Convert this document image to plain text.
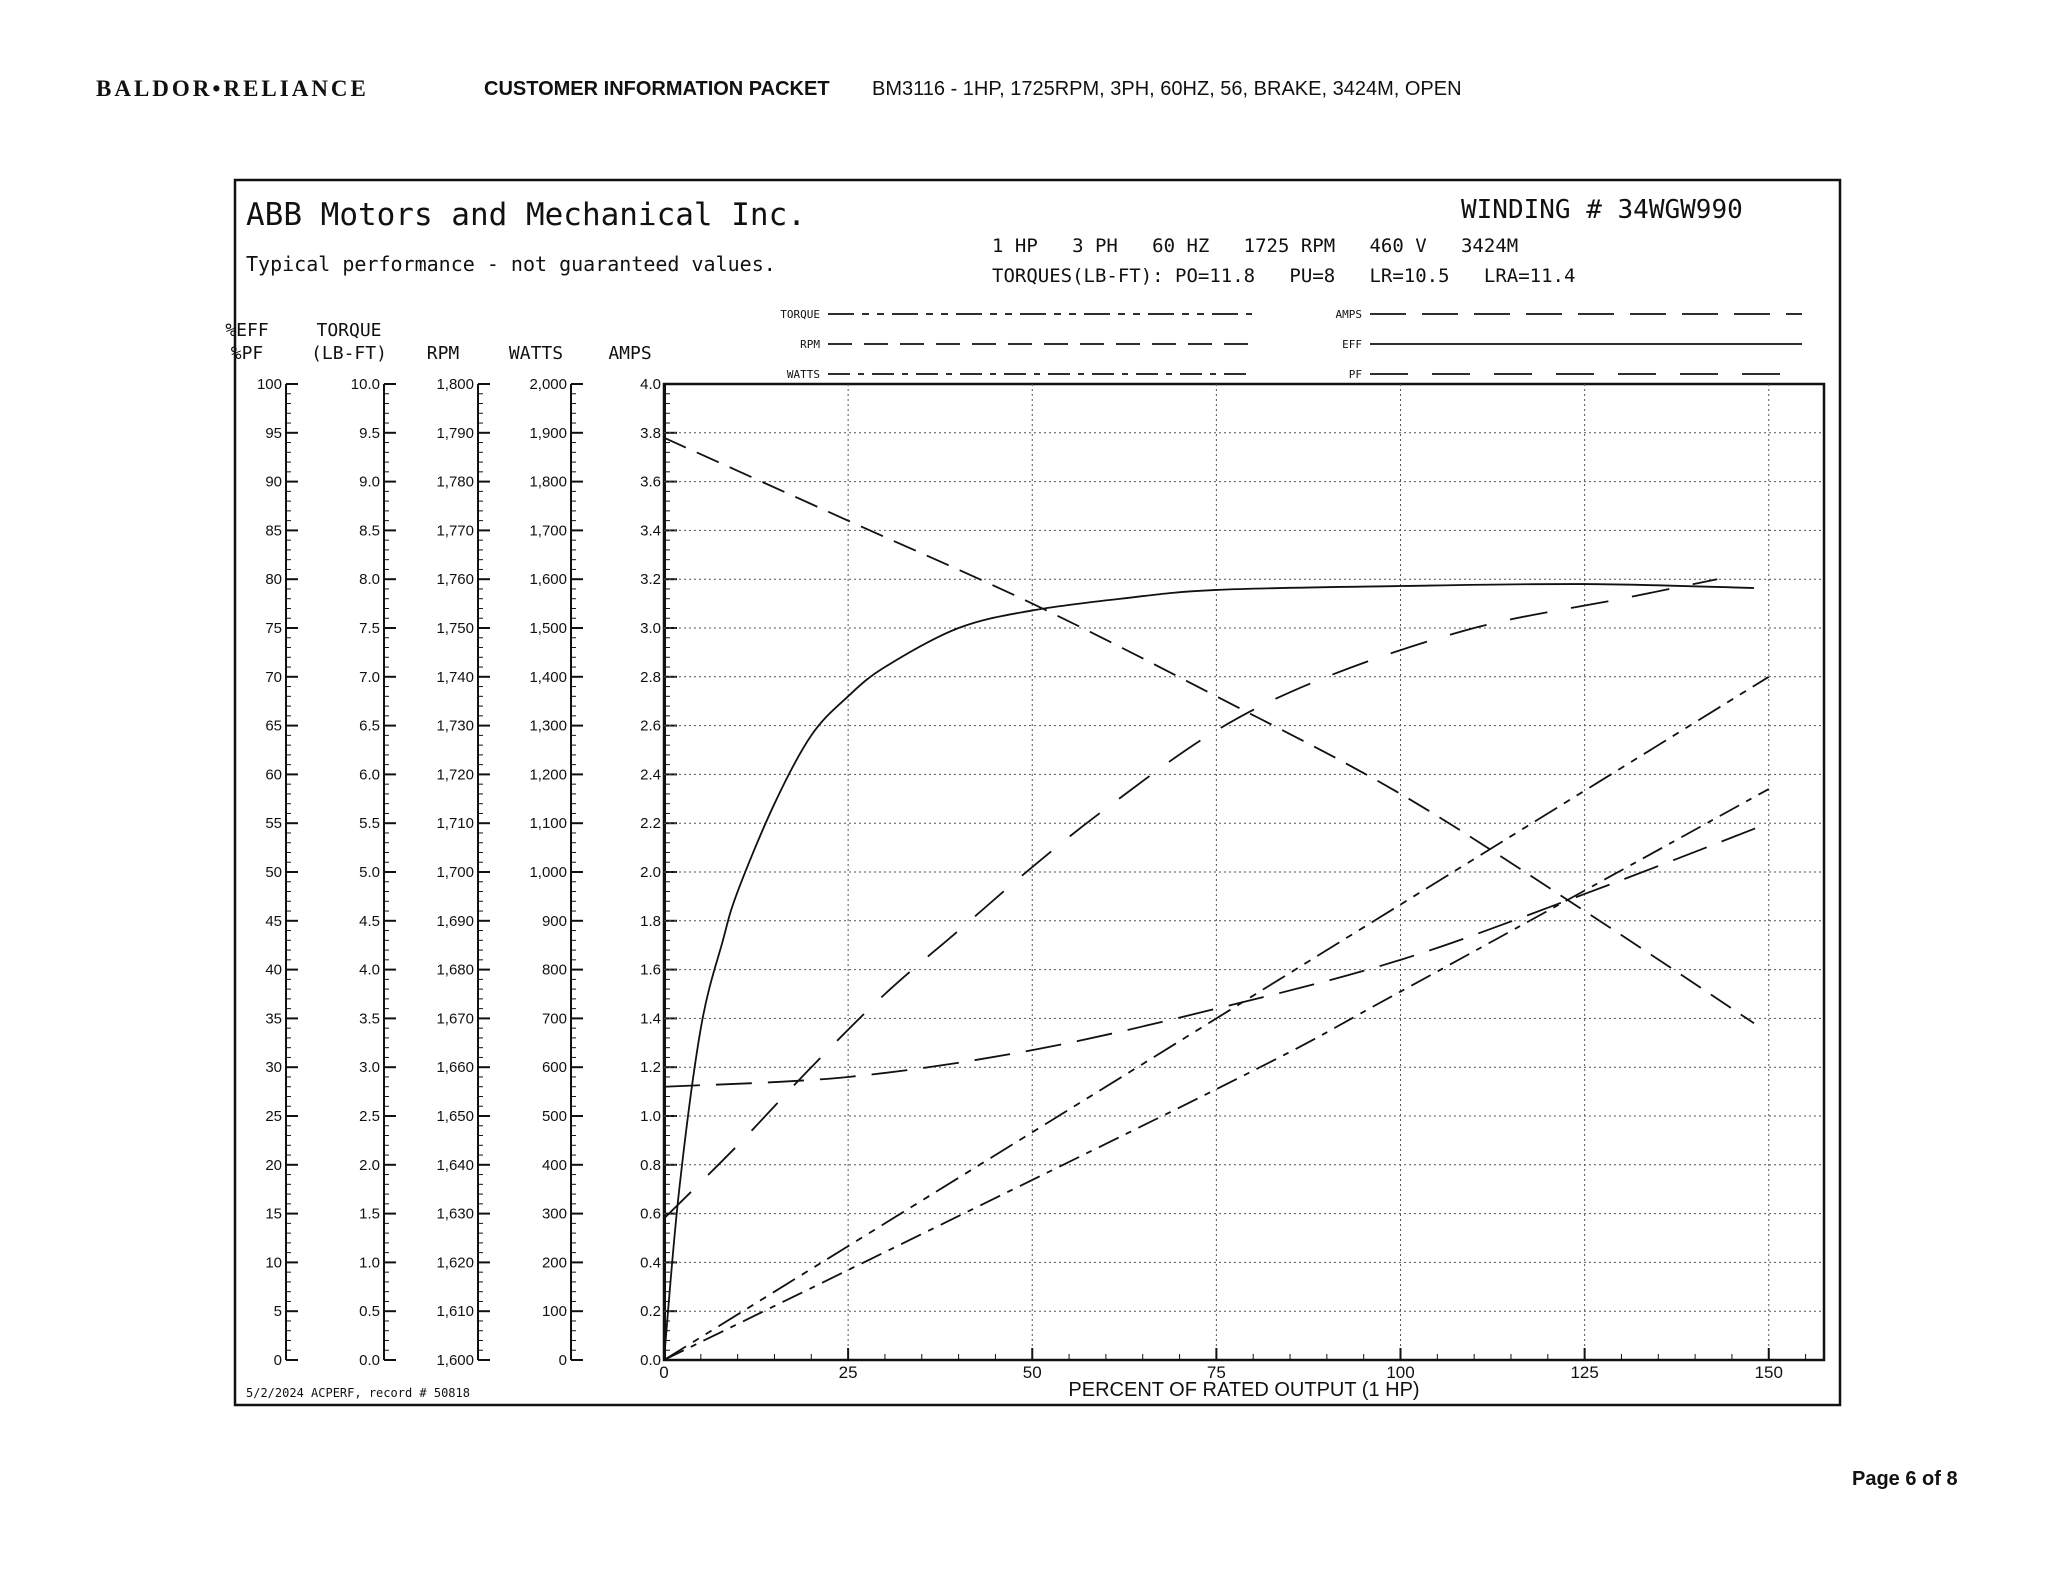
BALDOR • RELIANCE	CUSTOMER INFORMATION PACKET BM3116 - 1HP, 1725RPM, 3PH, 60HZ, 56, BRAKE, 3424M, OPEN
ABB Motors and Mechanical Inc.
Typical performance - not guaranteed values.
WINDING # 34WGW990
1 HP   3 PH   60 HZ   1725 RPM   460 V   3424M
TORQUES(LB-FT): PO=11.8   PU=8   LR=10.5   LRA=11.4
TORQUE
RPM
WATTS
AMPS
EFF
PF
0
5
10
15
20
25
30
35
40
45
50
55
60
65
70
75
80
85
90
95
100
%EFF
%PF
0.0
0.5
1.0
1.5
2.0
2.5
3.0
3.5
4.0
4.5
5.0
5.5
6.0
6.5
7.0
7.5
8.0
8.5
9.0
9.5
10.0
TORQUE
(LB-FT)
1,600
1,610
1,620
1,630
1,640
1,650
1,660
1,670
1,680
1,690
1,700
1,710
1,720
1,730
1,740
1,750
1,760
1,770
1,780
1,790
1,800
RPM
0
100
200
300
400
500
600
700
800
900
1,000
1,100
1,200
1,300
1,400
1,500
1,600
1,700
1,800
1,900
2,000
WATTS
0.0
0.2
0.4
0.6
0.8
1.0
1.2
1.4
1.6
1.8
2.0
2.2
2.4
2.6
2.8
3.0
3.2
3.4
3.6
3.8
4.0
AMPS
0	25	50	75	100	125	150
PERCENT OF RATED OUTPUT (1 HP)
5/2/2024 ACPERF, record # 50818
Page 6 of 8
